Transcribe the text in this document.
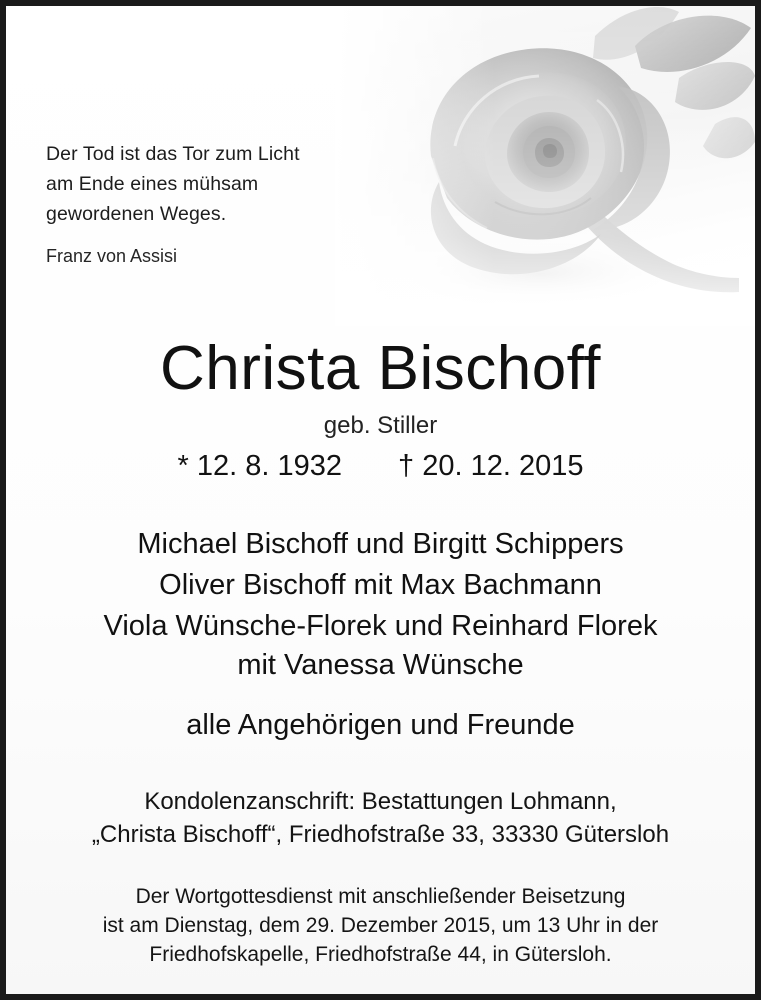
Der Tod ist das Tor zum Licht
am Ende eines mühsam
gewordenen Weges.
Franz von Assisi
Christa Bischoff
geb. Stiller
* 12. 8. 1932 † 20. 12. 2015
Michael Bischoff und Birgitt Schippers
Oliver Bischoff mit Max Bachmann
Viola Wünsche-Florek und Reinhard Florek
mit Vanessa Wünsche
alle Angehörigen und Freunde
Kondolenzanschrift: Bestattungen Lohmann,
„Christa Bischoff“, Friedhofstraße 33, 33330 Gütersloh
Der Wortgottesdienst mit anschließender Beisetzung
ist am Dienstag, dem 29. Dezember 2015, um 13 Uhr in der
Friedhofskapelle, Friedhofstraße 44, in Gütersloh.
